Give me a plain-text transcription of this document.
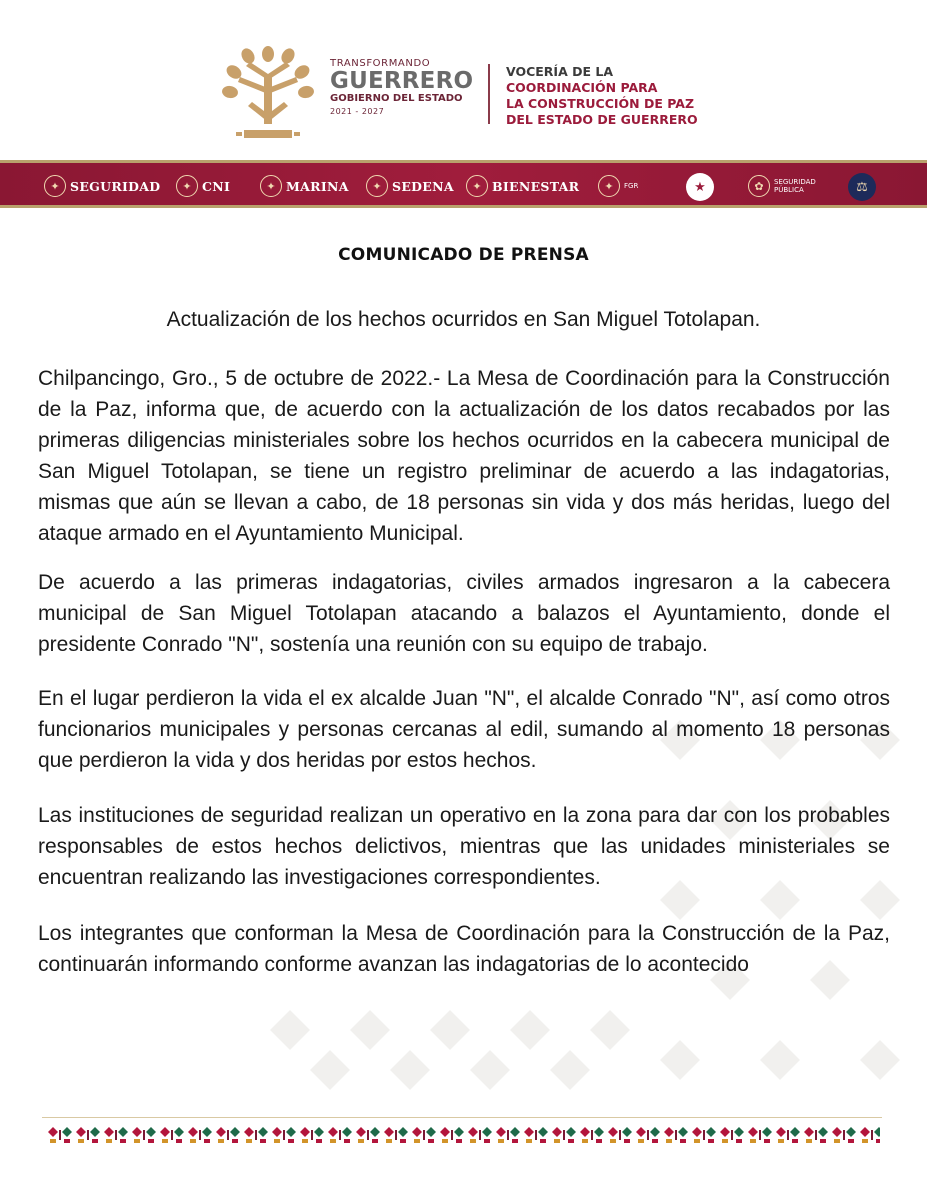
TRANSFORMANDO
GUERRERO
GOBIERNO DEL ESTADO
2021 - 2027
VOCERÍA DE LA
COORDINACIÓN PARA
LA CONSTRUCCIÓN DE PAZ
DEL ESTADO DE GUERRERO
✦ SEGURIDAD	✦ CNI	✦ MARINA	✦ SEDENA	✦ BIENESTAR	✦	FGR	★	✿	SEGURIDAD PÚBLICA	⚖
COMUNICADO DE PRENSA
Actualización de los hechos ocurridos en San Miguel Totolapan.

Chilpancingo, Gro., 5 de octubre de 2022.- La Mesa de Coordinación para la Construcción de la Paz, informa que, de acuerdo con la actualización de los datos recabados por las primeras diligencias ministeriales sobre los hechos ocurridos en la cabecera municipal de San Miguel Totolapan, se tiene un registro preliminar de acuerdo a las indagatorias, mismas que aún se llevan a cabo, de 18 personas sin vida y dos más heridas, luego del ataque armado en el Ayuntamiento Municipal.

De acuerdo a las primeras indagatorias, civiles armados ingresaron a la cabecera municipal de San Miguel Totolapan atacando a balazos el Ayuntamiento, donde el presidente Conrado "N", sostenía una reunión con su equipo de trabajo.

En el lugar perdieron la vida el ex alcalde Juan "N", el alcalde Conrado "N", así como otros funcionarios municipales y personas cercanas al edil, sumando al momento 18 personas que perdieron la vida y dos heridas por estos hechos.

Las instituciones de seguridad realizan un operativo en la zona para dar con los probables responsables de estos hechos delictivos, mientras que las unidades ministeriales se encuentran realizando las investigaciones correspondientes.

Los integrantes que conforman la Mesa de Coordinación para la Construcción de la Paz, continuarán informando conforme avanzan las indagatorias de lo acontecido
